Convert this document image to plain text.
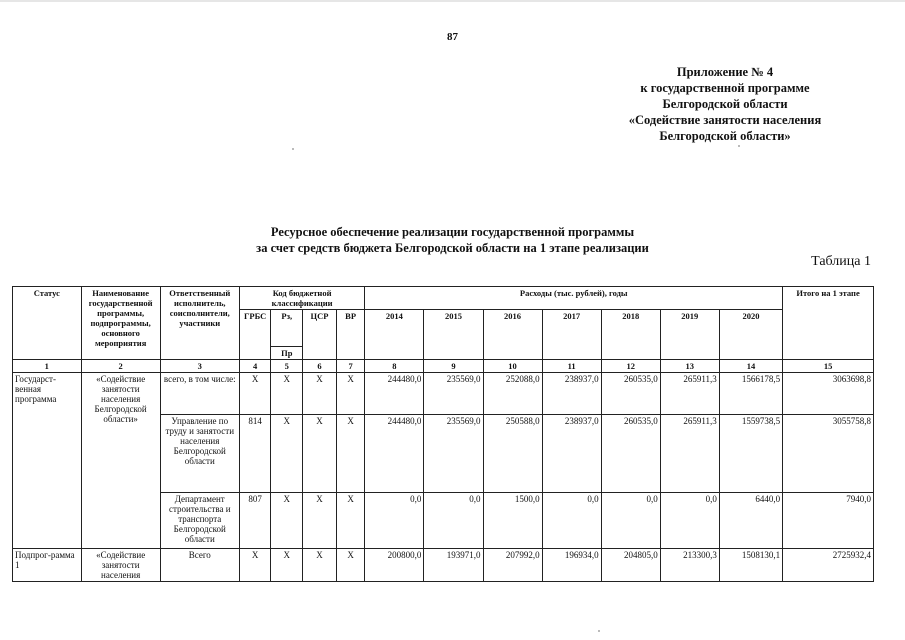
87
Приложение № 4
к государственной программе
Белгородской области
«Содействие занятости населения
Белгородской области»
Ресурсное обеспечение реализации государственной программы
за счет средств бюджета Белгородской области на 1 этапе реализации
Таблица 1
Статус	Наименование государственной программы, подпрограммы, основного мероприятия	Ответственный исполнитель, соисполнители, участники	Код бюджетной классификации				Расходы (тыс. рублей), годы							Итого на 1 этапе
			ГРБС	Рз,	ЦСР	ВР	2014	2015	2016	2017	2018	2019	2020	
				Пр										
1	2	3	4	5	6	7	8	9	10	11	12	13	14	15
Государст-венная программа	«Содействие занятости населения Белгородской области»	всего, в том числе:	X	X	X	X	244480,0	235569,0	252088,0	238937,0	260535,0	265911,3	1566178,5	3063698,8
		Управление по труду и занятости населения Белгородской области	814	X	X	X	244480,0	235569,0	250588,0	238937,0	260535,0	265911,3	1559738,5	3055758,8
		Департамент строительства и транспорта Белгородской области	807	X	X	X	0,0	0,0	1500,0	0,0	0,0	0,0	6440,0	7940,0
Подпрог-рамма 1	«Содействие занятости населения	Всего	X	X	X	X	200800,0	193971,0	207992,0	196934,0	204805,0	213300,3	1508130,1	2725932,4
